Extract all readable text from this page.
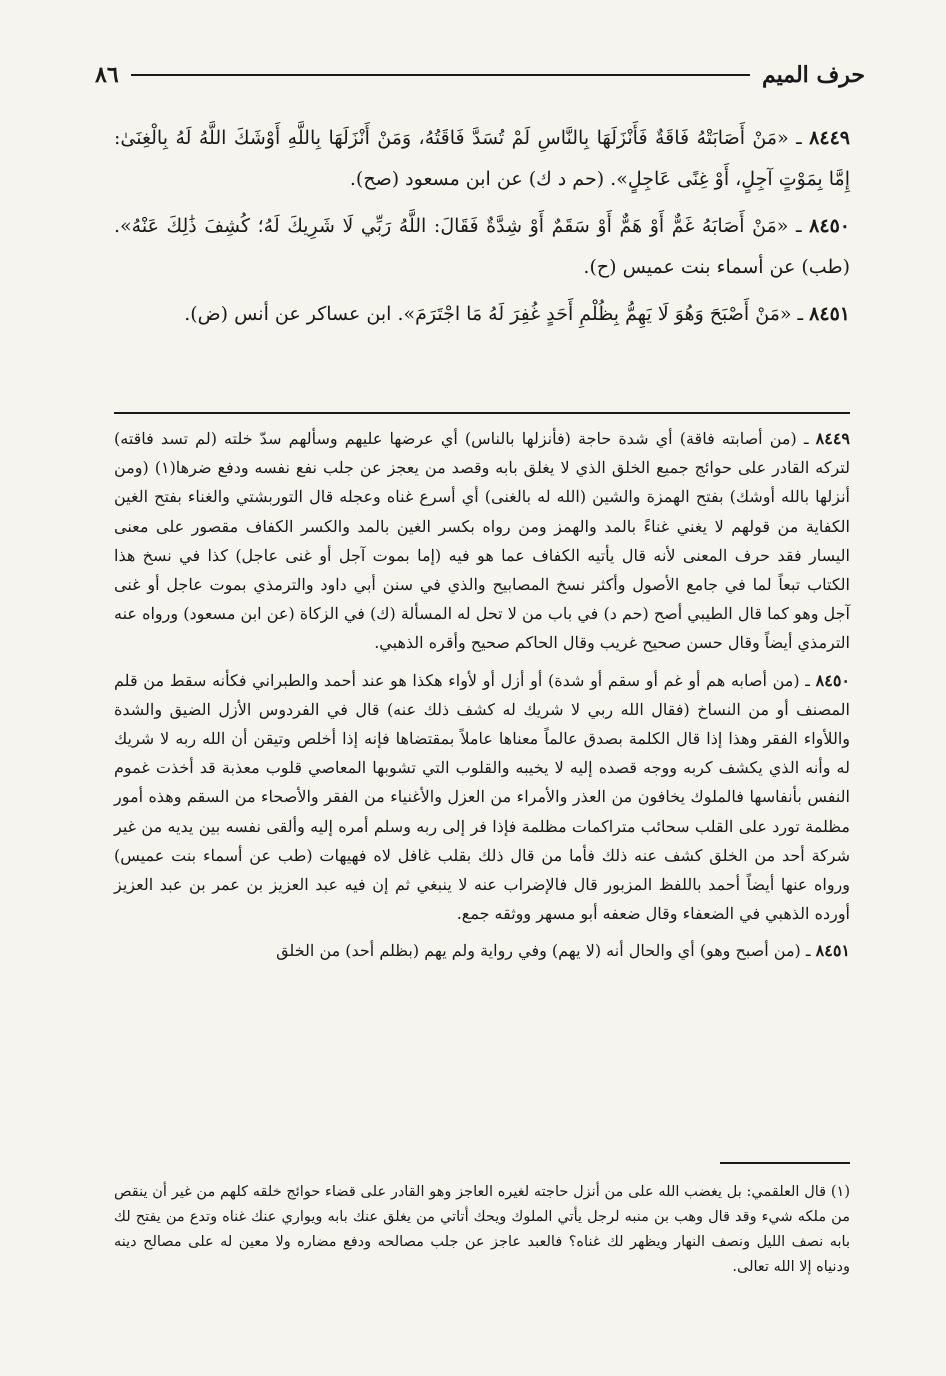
حرف الميم
٨٦

٨٤٤٩ ـ «مَنْ أَصَابَتْهُ فَاقَةٌ فَأَنْزَلَهَا بِالنَّاسِ لَمْ تُسَدَّ فَاقَتُهُ، وَمَنْ أَنْزَلَهَا بِاللَّهِ أَوْشَكَ اللَّهُ لَهُ بِالْغِنَىٰ: إِمَّا بِمَوْتٍ آجِلٍ، أَوْ غِنًى عَاجِلٍ». (حم د ك) عن ابن مسعود (صح).

٨٤٥٠ ـ «مَنْ أَصَابَهُ غَمٌّ أَوْ هَمٌّ أَوْ سَقَمٌ أَوْ شِدَّةٌ فَقَالَ: اللَّهُ رَبِّي لَا شَرِيكَ لَهُ؛ كُشِفَ ذَٰلِكَ عَنْهُ». (طب) عن أسماء بنت عميس (ح).

٨٤٥١ ـ «مَنْ أَصْبَحَ وَهُوَ لَا يَهِمُّ بِظُلْمِ أَحَدٍ غُفِرَ لَهُ مَا اجْتَرَمَ». ابن عساكر عن أنس (ض).

٨٤٤٩ ـ (من أصابته فاقة) أي شدة حاجة (فأنزلها بالناس) أي عرضها عليهم وسألهم سدّ خلته (لم تسد فاقته) لتركه القادر على حوائج جميع الخلق الذي لا يغلق بابه وقصد من يعجز عن جلب نفع نفسه ودفع ضرها(١) (ومن أنزلها بالله أوشك) بفتح الهمزة والشين (الله له بالغنى) أي أسرع غناه وعجله قال التوربشتي والغناء بفتح الغين الكفاية من قولهم لا يغني غناءً بالمد والهمز ومن رواه بكسر الغين بالمد والكسر الكفاف مقصور على معنى اليسار فقد حرف المعنى لأنه قال يأتيه الكفاف عما هو فيه (إما بموت آجل أو غنى عاجل) كذا في نسخ هذا الكتاب تبعاً لما في جامع الأصول وأكثر نسخ المصابيح والذي في سنن أبي داود والترمذي بموت عاجل أو غنى آجل وهو كما قال الطيبي أصح (حم د) في باب من لا تحل له المسألة (ك) في الزكاة (عن ابن مسعود) ورواه عنه الترمذي أيضاً وقال حسن صحيح غريب وقال الحاكم صحيح وأقره الذهبي.

٨٤٥٠ ـ (من أصابه هم أو غم أو سقم أو شدة) أو أزل أو لأواء هكذا هو عند أحمد والطبراني فكأنه سقط من قلم المصنف أو من النساخ (فقال الله ربي لا شريك له كشف ذلك عنه) قال في الفردوس الأزل الضيق والشدة واللأواء الفقر وهذا إذا قال الكلمة بصدق عالماً معناها عاملاً بمقتضاها فإنه إذا أخلص وتيقن أن الله ربه لا شريك له وأنه الذي يكشف كربه ووجه قصده إليه لا يخيبه والقلوب التي تشوبها المعاصي قلوب معذبة قد أخذت غموم النفس بأنفاسها فالملوك يخافون من العذر والأمراء من العزل والأغنياء من الفقر والأصحاء من السقم وهذه أمور مظلمة تورد على القلب سحائب متراكمات مظلمة فإذا فر إلى ربه وسلم أمره إليه وألقى نفسه بين يديه من غير شركة أحد من الخلق كشف عنه ذلك فأما من قال ذلك بقلب غافل لاه فهيهات (طب عن أسماء بنت عميس) ورواه عنها أيضاً أحمد باللفظ المزبور قال فالإضراب عنه لا ينبغي ثم إن فيه عبد العزيز بن عمر بن عبد العزيز أورده الذهبي في الضعفاء وقال ضعفه أبو مسهر ووثقه جمع.

٨٤٥١ ـ (من أصبح وهو) أي والحال أنه (لا يهم) وفي رواية ولم يهم (بظلم أحد) من الخلق

(١) قال العلقمي: بل يغضب الله على من أنزل حاجته لغيره العاجز وهو القادر على قضاء حوائج خلقه كلهم من غير أن ينقص من ملكه شيء وقد قال وهب بن منبه لرجل يأتي الملوك ويحك أتاتي من يغلق عنك بابه ويواري عنك غناه وتدع من يفتح لك بابه نصف الليل ونصف النهار ويظهر لك غناه؟ فالعبد عاجز عن جلب مصالحه ودفع مضاره ولا معين له على مصالح دينه ودنياه إلا الله تعالى.
